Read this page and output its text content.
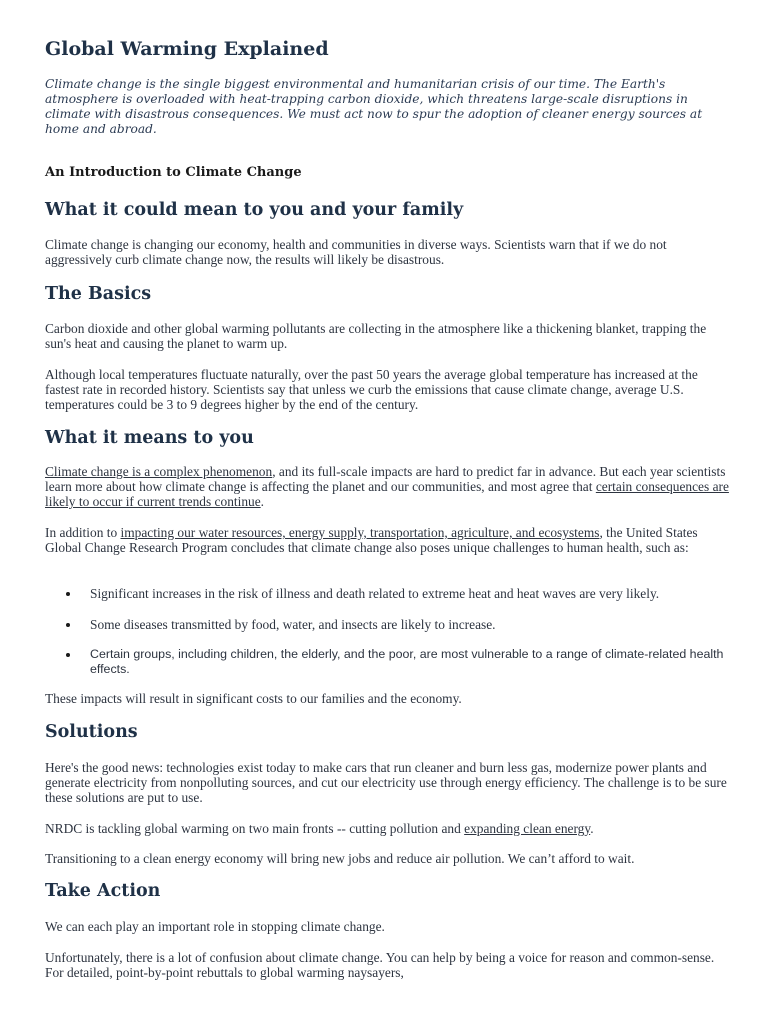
Global Warming Explained

Climate change is the single biggest environmental and humanitarian crisis of our time. The Earth's atmosphere is overloaded with heat-trapping carbon dioxide, which threatens large-scale disruptions in climate with disastrous consequences. We must act now to spur the adoption of cleaner energy sources at home and abroad.

An Introduction to Climate Change
What it could mean to you and your family

Climate change is changing our economy, health and communities in diverse ways. Scientists warn that if we do not aggressively curb climate change now, the results will likely be disastrous.

The Basics

Carbon dioxide and other global warming pollutants are collecting in the atmosphere like a thickening blanket, trapping the sun's heat and causing the planet to warm up.

Although local temperatures fluctuate naturally, over the past 50 years the average global temperature has increased at the fastest rate in recorded history. Scientists say that unless we curb the emissions that cause climate change, average U.S. temperatures could be 3 to 9 degrees higher by the end of the century.

What it means to you

Climate change is a complex phenomenon, and its full-scale impacts are hard to predict far in advance. But each year scientists learn more about how climate change is affecting the planet and our communities, and most agree that certain consequences are likely to occur if current trends continue.

In addition to impacting our water resources, energy supply, transportation, agriculture, and ecosystems, the United States Global Change Research Program concludes that climate change also poses unique challenges to human health, such as:

Significant increases in the risk of illness and death related to extreme heat and heat waves are very likely.
Some diseases transmitted by food, water, and insects are likely to increase.
Certain groups, including children, the elderly, and the poor, are most vulnerable to a range of climate-related health effects.

These impacts will result in significant costs to our families and the economy.

Solutions

Here's the good news: technologies exist today to make cars that run cleaner and burn less gas, modernize power plants and generate electricity from nonpolluting sources, and cut our electricity use through energy efficiency. The challenge is to be sure these solutions are put to use.

NRDC is tackling global warming on two main fronts -- cutting pollution and expanding clean energy.

Transitioning to a clean energy economy will bring new jobs and reduce air pollution. We can’t afford to wait.

Take Action

We can each play an important role in stopping climate change.

Unfortunately, there is a lot of confusion about climate change. You can help by being a voice for reason and common-sense. For detailed, point-by-point rebuttals to global warming naysayers,
